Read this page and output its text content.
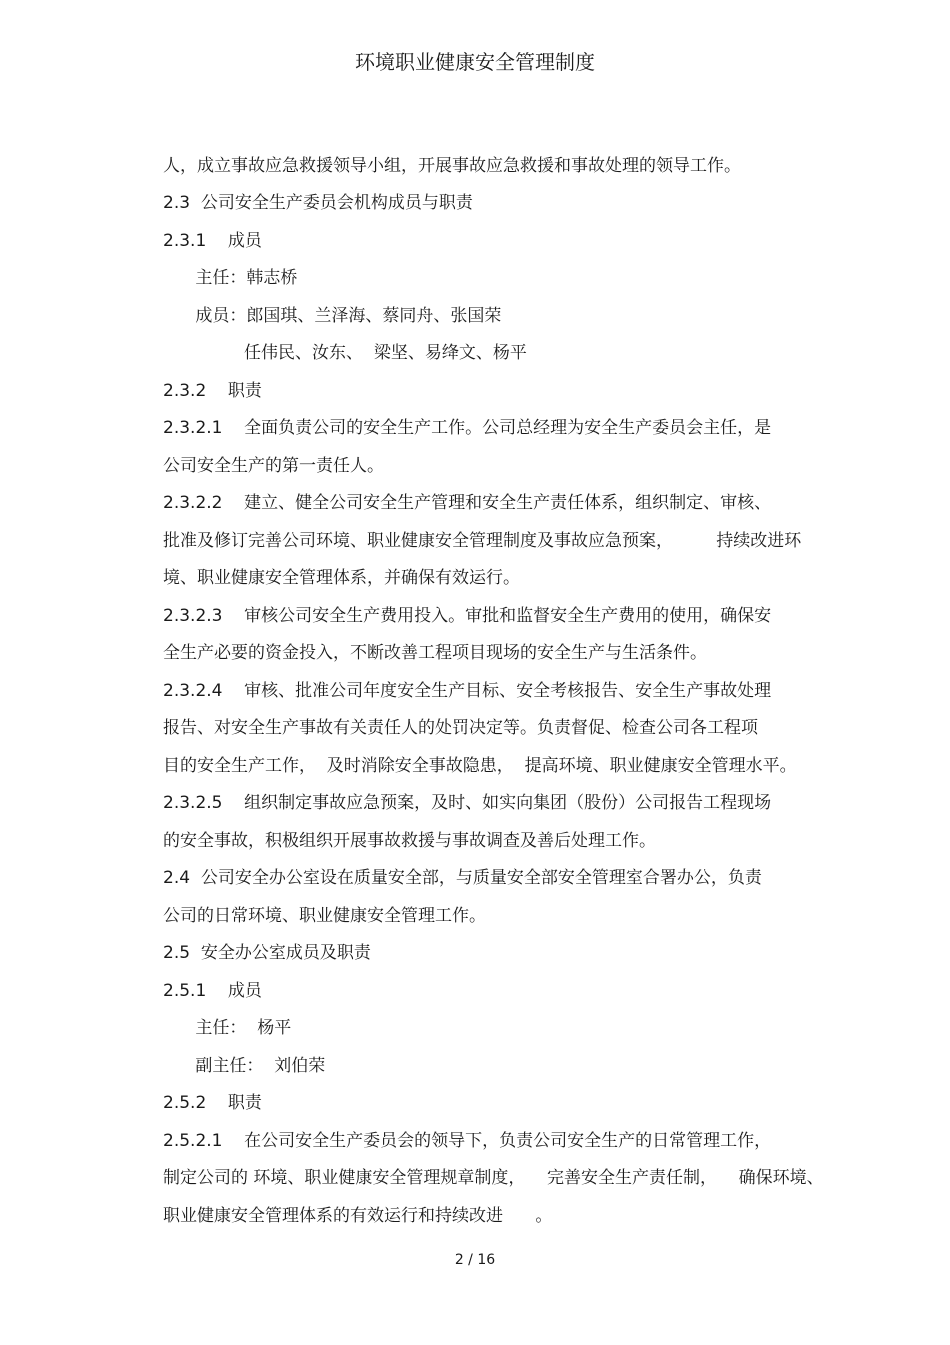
环境职业健康安全管理制度
人，成立事故应急救援领导小组，开展事故应急救援和事故处理的领导工作。
2.3  公司安全生产委员会机构成员与职责
2.3.1    成员
主任：韩志桥
成员：郎国琪、兰泽海、蔡同舟、张国荣
任伟民、汝东、  梁坚、易绛文、杨平
2.3.2    职责
2.3.2.1    全面负责公司的安全生产工作。公司总经理为安全生产委员会主任，是
公司安全生产的第一责任人。
2.3.2.2    建立、健全公司安全生产管理和安全生产责任体系，组织制定、审核、
批准及修订完善公司环境、职业健康安全管理制度及事故应急预案，        持续改进环
境、职业健康安全管理体系，并确保有效运行。
2.3.2.3    审核公司安全生产费用投入。审批和监督安全生产费用的使用，确保安
全生产必要的资金投入，不断改善工程项目现场的安全生产与生活条件。
2.3.2.4    审核、批准公司年度安全生产目标、安全考核报告、安全生产事故处理
报告、对安全生产事故有关责任人的处罚决定等。负责督促、检查公司各工程项
目的安全生产工作，  及时消除安全事故隐患，  提高环境、职业健康安全管理水平。
2.3.2.5    组织制定事故应急预案，及时、如实向集团（股份）公司报告工程现场
的安全事故，积极组织开展事故救援与事故调查及善后处理工作。
2.4  公司安全办公室设在质量安全部，与质量安全部安全管理室合署办公，负责
公司的日常环境、职业健康安全管理工作。
2.5  安全办公室成员及职责
2.5.1    成员
主任：  杨平
副主任：  刘伯荣
2.5.2    职责
2.5.2.1    在公司安全生产委员会的领导下，负责公司安全生产的日常管理工作，
制定公司的 环境、职业健康安全管理规章制度，    完善安全生产责任制，    确保环境、
职业健康安全管理体系的有效运行和持续改进      。
2 / 16
